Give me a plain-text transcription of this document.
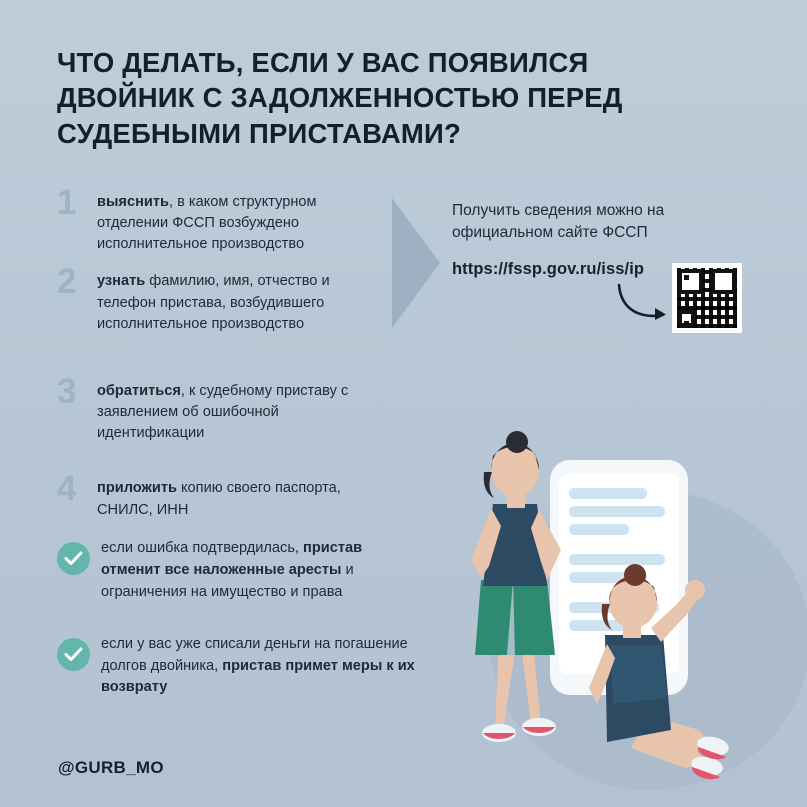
ЧТО ДЕЛАТЬ, ЕСЛИ У ВАС ПОЯВИЛСЯ ДВОЙНИК С ЗАДОЛЖЕННОСТЬЮ ПЕРЕД СУДЕБНЫМИ ПРИСТАВАМИ?
1 выяснить, в каком структурном отделении ФССП возбуждено исполнительное производство
2 узнать фамилию, имя, отчество и телефон пристава, возбудившего исполнительное производство
3 обратиться, к судебному приставу с заявлением об ошибочной идентификации
4 приложить копию своего паспорта, СНИЛС, ИНН
Получить сведения можно на официальном сайте ФССП
https://fssp.gov.ru/iss/ip
если ошибка подтвердилась, пристав отменит все наложенные аресты и ограничения на имущество и права
если у вас уже списали деньги на погашение долгов двойника, пристав примет меры к их возврату
@GURB_MO
